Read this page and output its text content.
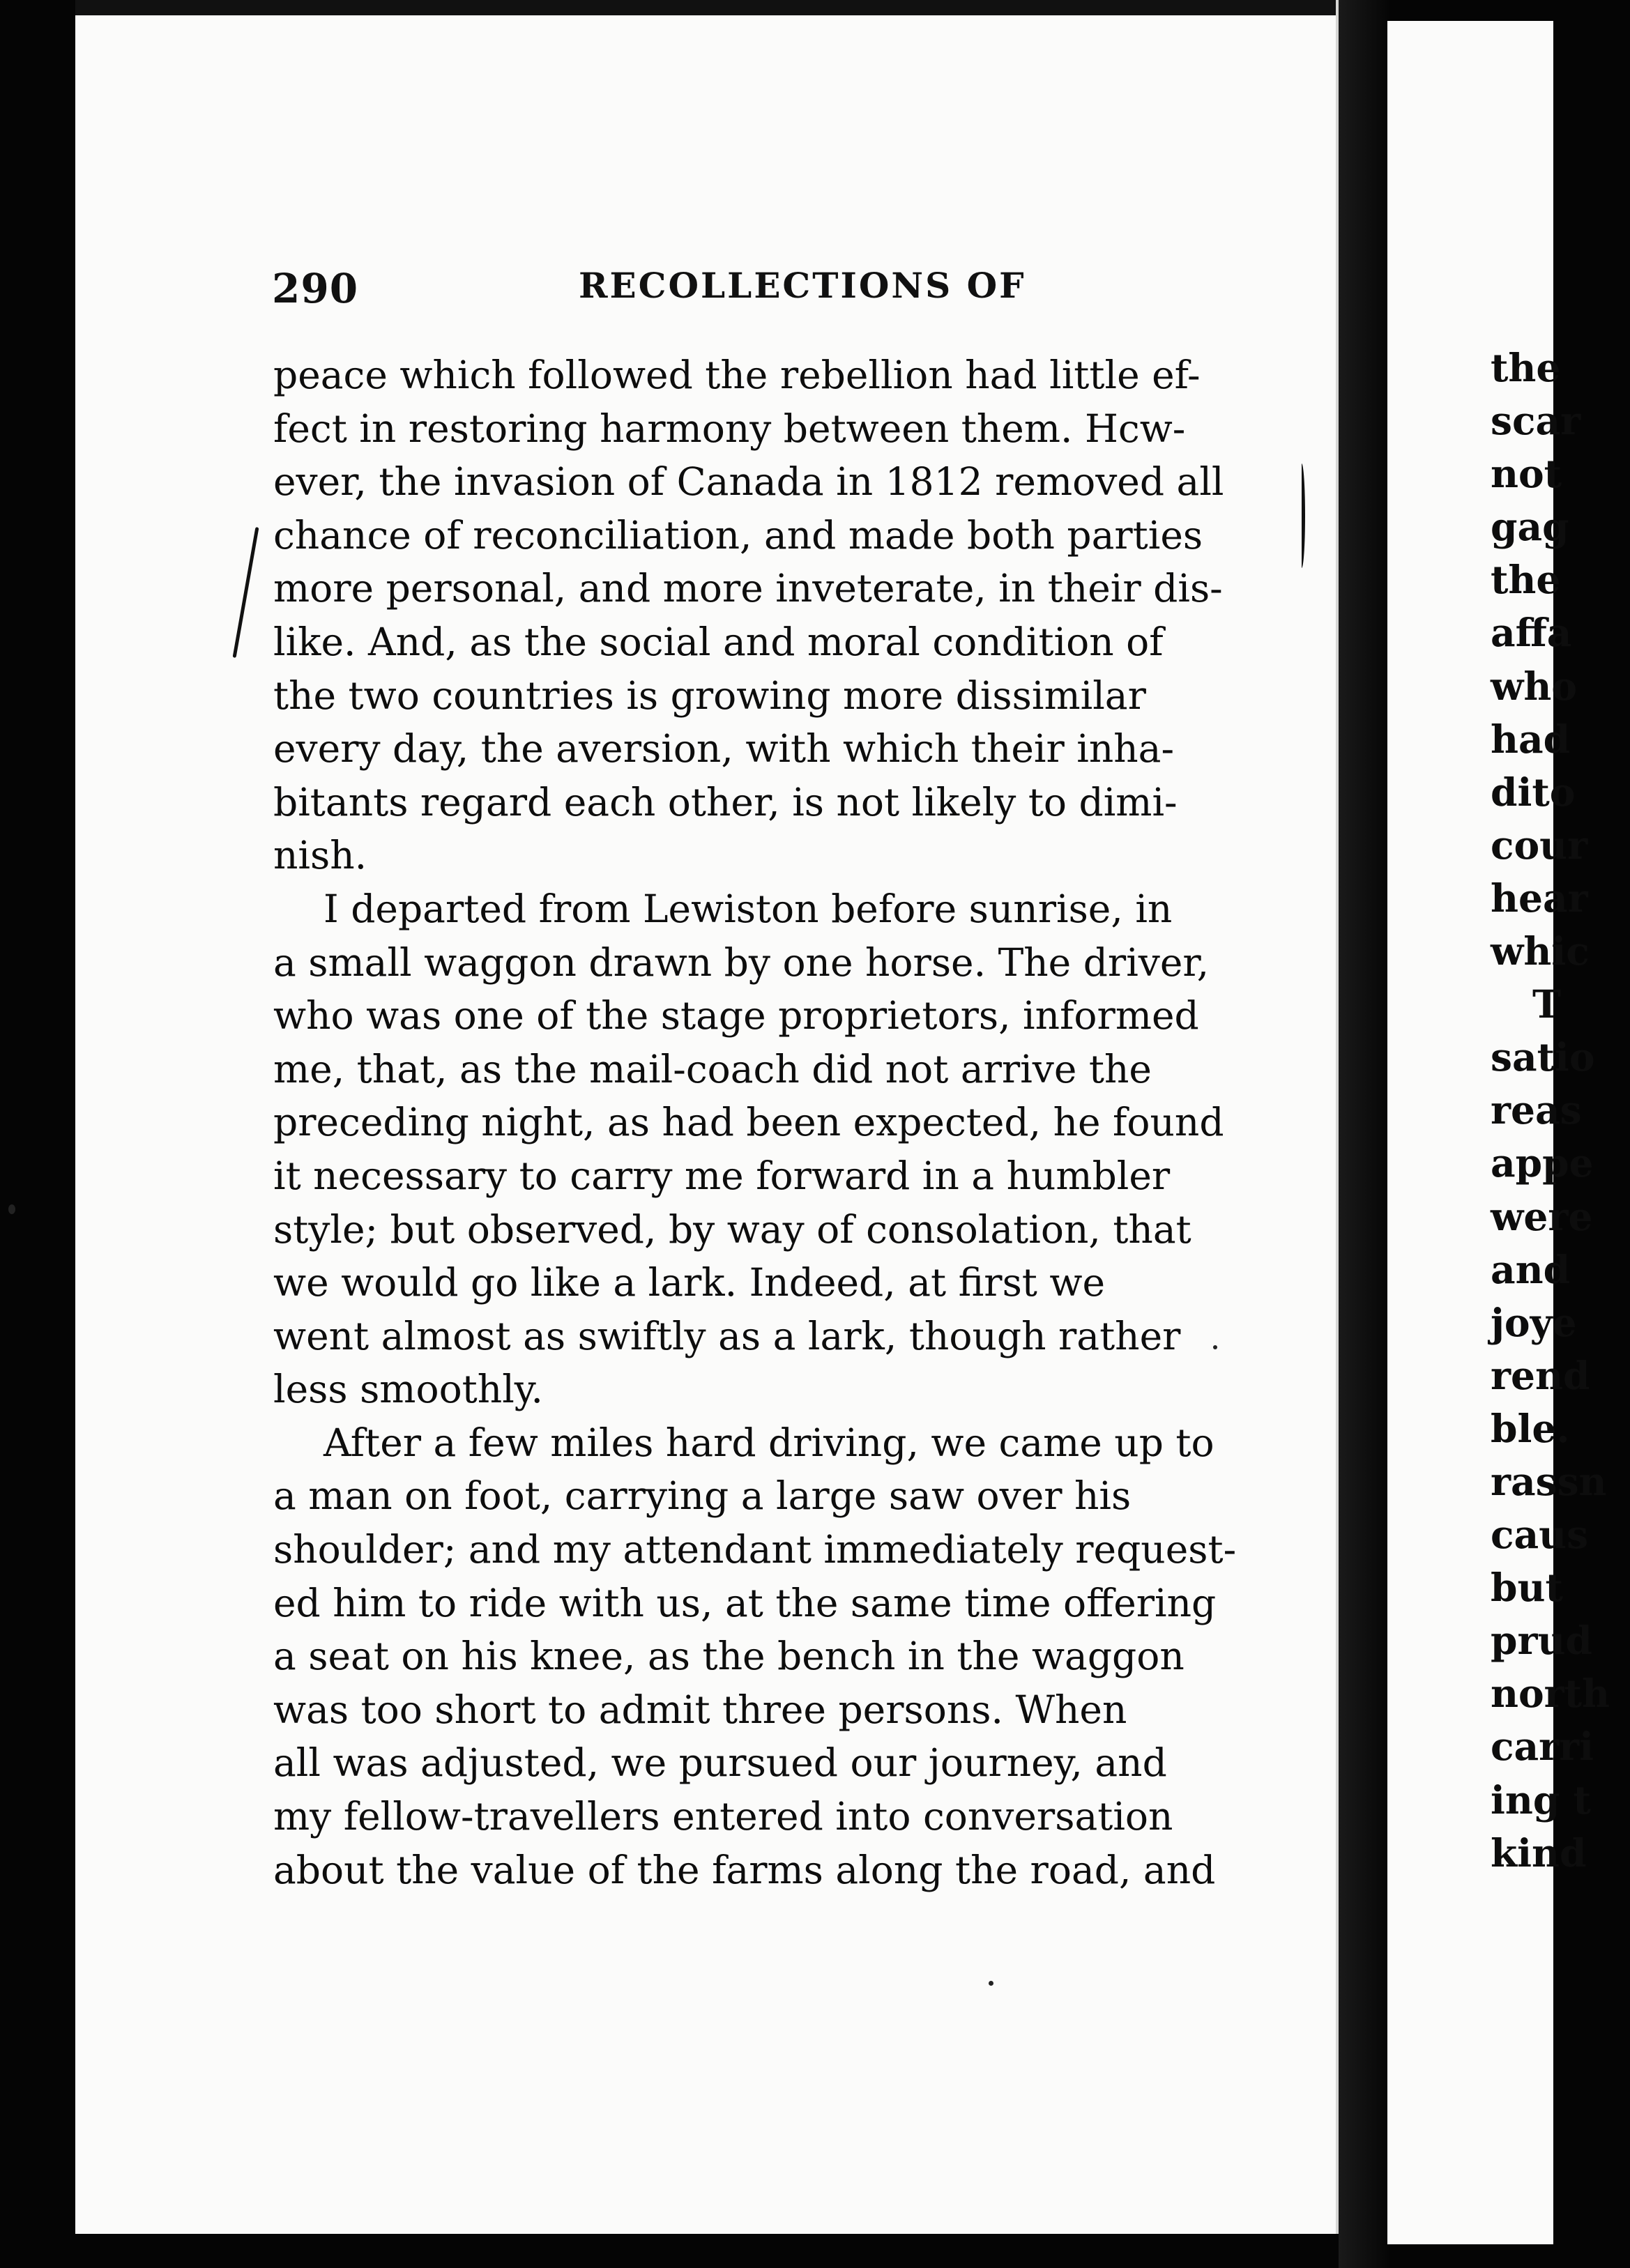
290	RECOLLECTIONS OF
peace which followed the rebellion had little ef-
fect in restoring harmony between them. Hcw-
ever, the invasion of Canada in 1812 removed all
chance of reconciliation, and made both parties
more personal, and more inveterate, in their dis-
like. And, as the social and moral condition of
the two countries is growing more dissimilar
every day, the aversion, with which their inha-
bitants regard each other, is not likely to dimi-
nish.
I departed from Lewiston before sunrise, in
a small waggon drawn by one horse. The driver,
who was one of the stage proprietors, informed
me, that, as the mail-coach did not arrive the
preceding night, as had been expected, he found
it necessary to carry me forward in a humbler
style; but observed, by way of consolation, that
we would go like a lark. Indeed, at first we
went almost as swiftly as a lark, though rather
less smoothly.
After a few miles hard driving, we came up to
a man on foot, carrying a large saw over his
shoulder; and my attendant immediately request-
ed him to ride with us, at the same time offering
a seat on his knee, as the bench in the waggon
was too short to admit three persons. When
all was adjusted, we pursued our journey, and
my fellow-travellers entered into conversation
about the value of the farms along the road, and
the
scar
not
gag
the
affa
who
had
dito
cour
hear
whic
T
satio
reas
appe
were
and
joye
rend
ble.
rassn
caus
but
prud
north
carri
ing t
kind
